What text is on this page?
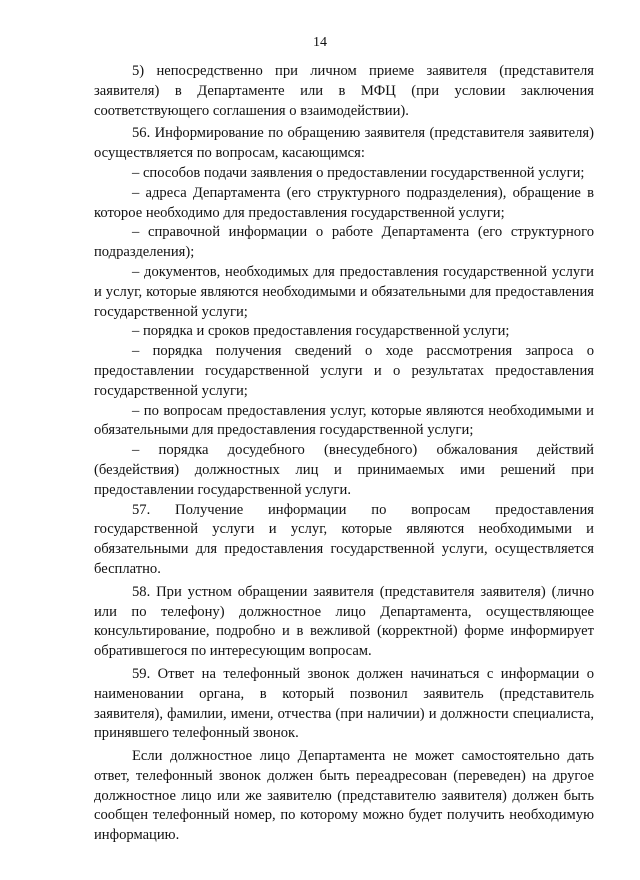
14

5) непосредственно при личном приеме заявителя (представителя заявителя) в Департаменте или в МФЦ (при условии заключения соответствующего соглашения о взаимодействии).

56. Информирование по обращению заявителя (представителя заявителя) осуществляется по вопросам, касающимся:

– способов подачи заявления о предоставлении государственной услуги;

– адреса Департамента (его структурного подразделения), обращение в которое необходимо для предоставления государственной услуги;

– справочной информации о работе Департамента (его структурного подразделения);

– документов, необходимых для предоставления государственной услуги и услуг, которые являются необходимыми и обязательными для предоставления государственной услуги;

– порядка и сроков предоставления государственной услуги;

– порядка получения сведений о ходе рассмотрения запроса о предоставлении государственной услуги и о результатах предоставления государственной услуги;

– по вопросам предоставления услуг, которые являются необходимыми и обязательными для предоставления государственной услуги;

– порядка досудебного (внесудебного) обжалования действий (бездействия) должностных лиц и принимаемых ими решений при предоставлении государственной услуги.

57. Получение информации по вопросам предоставления государственной услуги и услуг, которые являются необходимыми и обязательными для предоставления государственной услуги, осуществляется бесплатно.

58. При устном обращении заявителя (представителя заявителя) (лично или по телефону) должностное лицо Департамента, осуществляющее консультирование, подробно и в вежливой (корректной) форме информирует обратившегося по интересующим вопросам.

59. Ответ на телефонный звонок должен начинаться с информации о наименовании органа, в который позвонил заявитель (представитель заявителя), фамилии, имени, отчества (при наличии) и должности специалиста, принявшего телефонный звонок.

Если должностное лицо Департамента не может самостоятельно дать ответ, телефонный звонок должен быть переадресован (переведен) на другое должностное лицо или же заявителю (представителю заявителя) должен быть сообщен телефонный номер, по которому можно будет получить необходимую информацию.
